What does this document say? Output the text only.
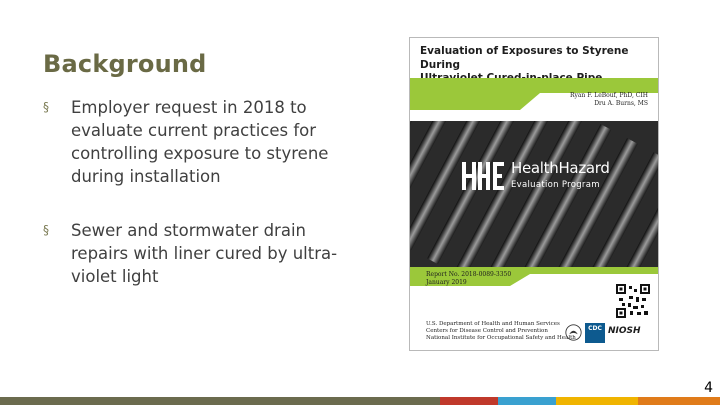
Background
§ Employer request in 2018 to evaluate current practices for controlling exposure to styrene during installation
§ Sewer and stormwater drain repairs with liner cured by ultra-violet light
Evaluation of Exposures to Styrene During
Ryan F. LeBouf, PhD, CIH
Dru A. Burns, MS
HealthHazard
Evaluation Program
Report No. 2018-0089-3350
January 2019
U.S. Department of Health and Human Services
Centers for Disease Control and Prevention
National Institute for Occupational Safety and Health
CDC NIOSH
4
